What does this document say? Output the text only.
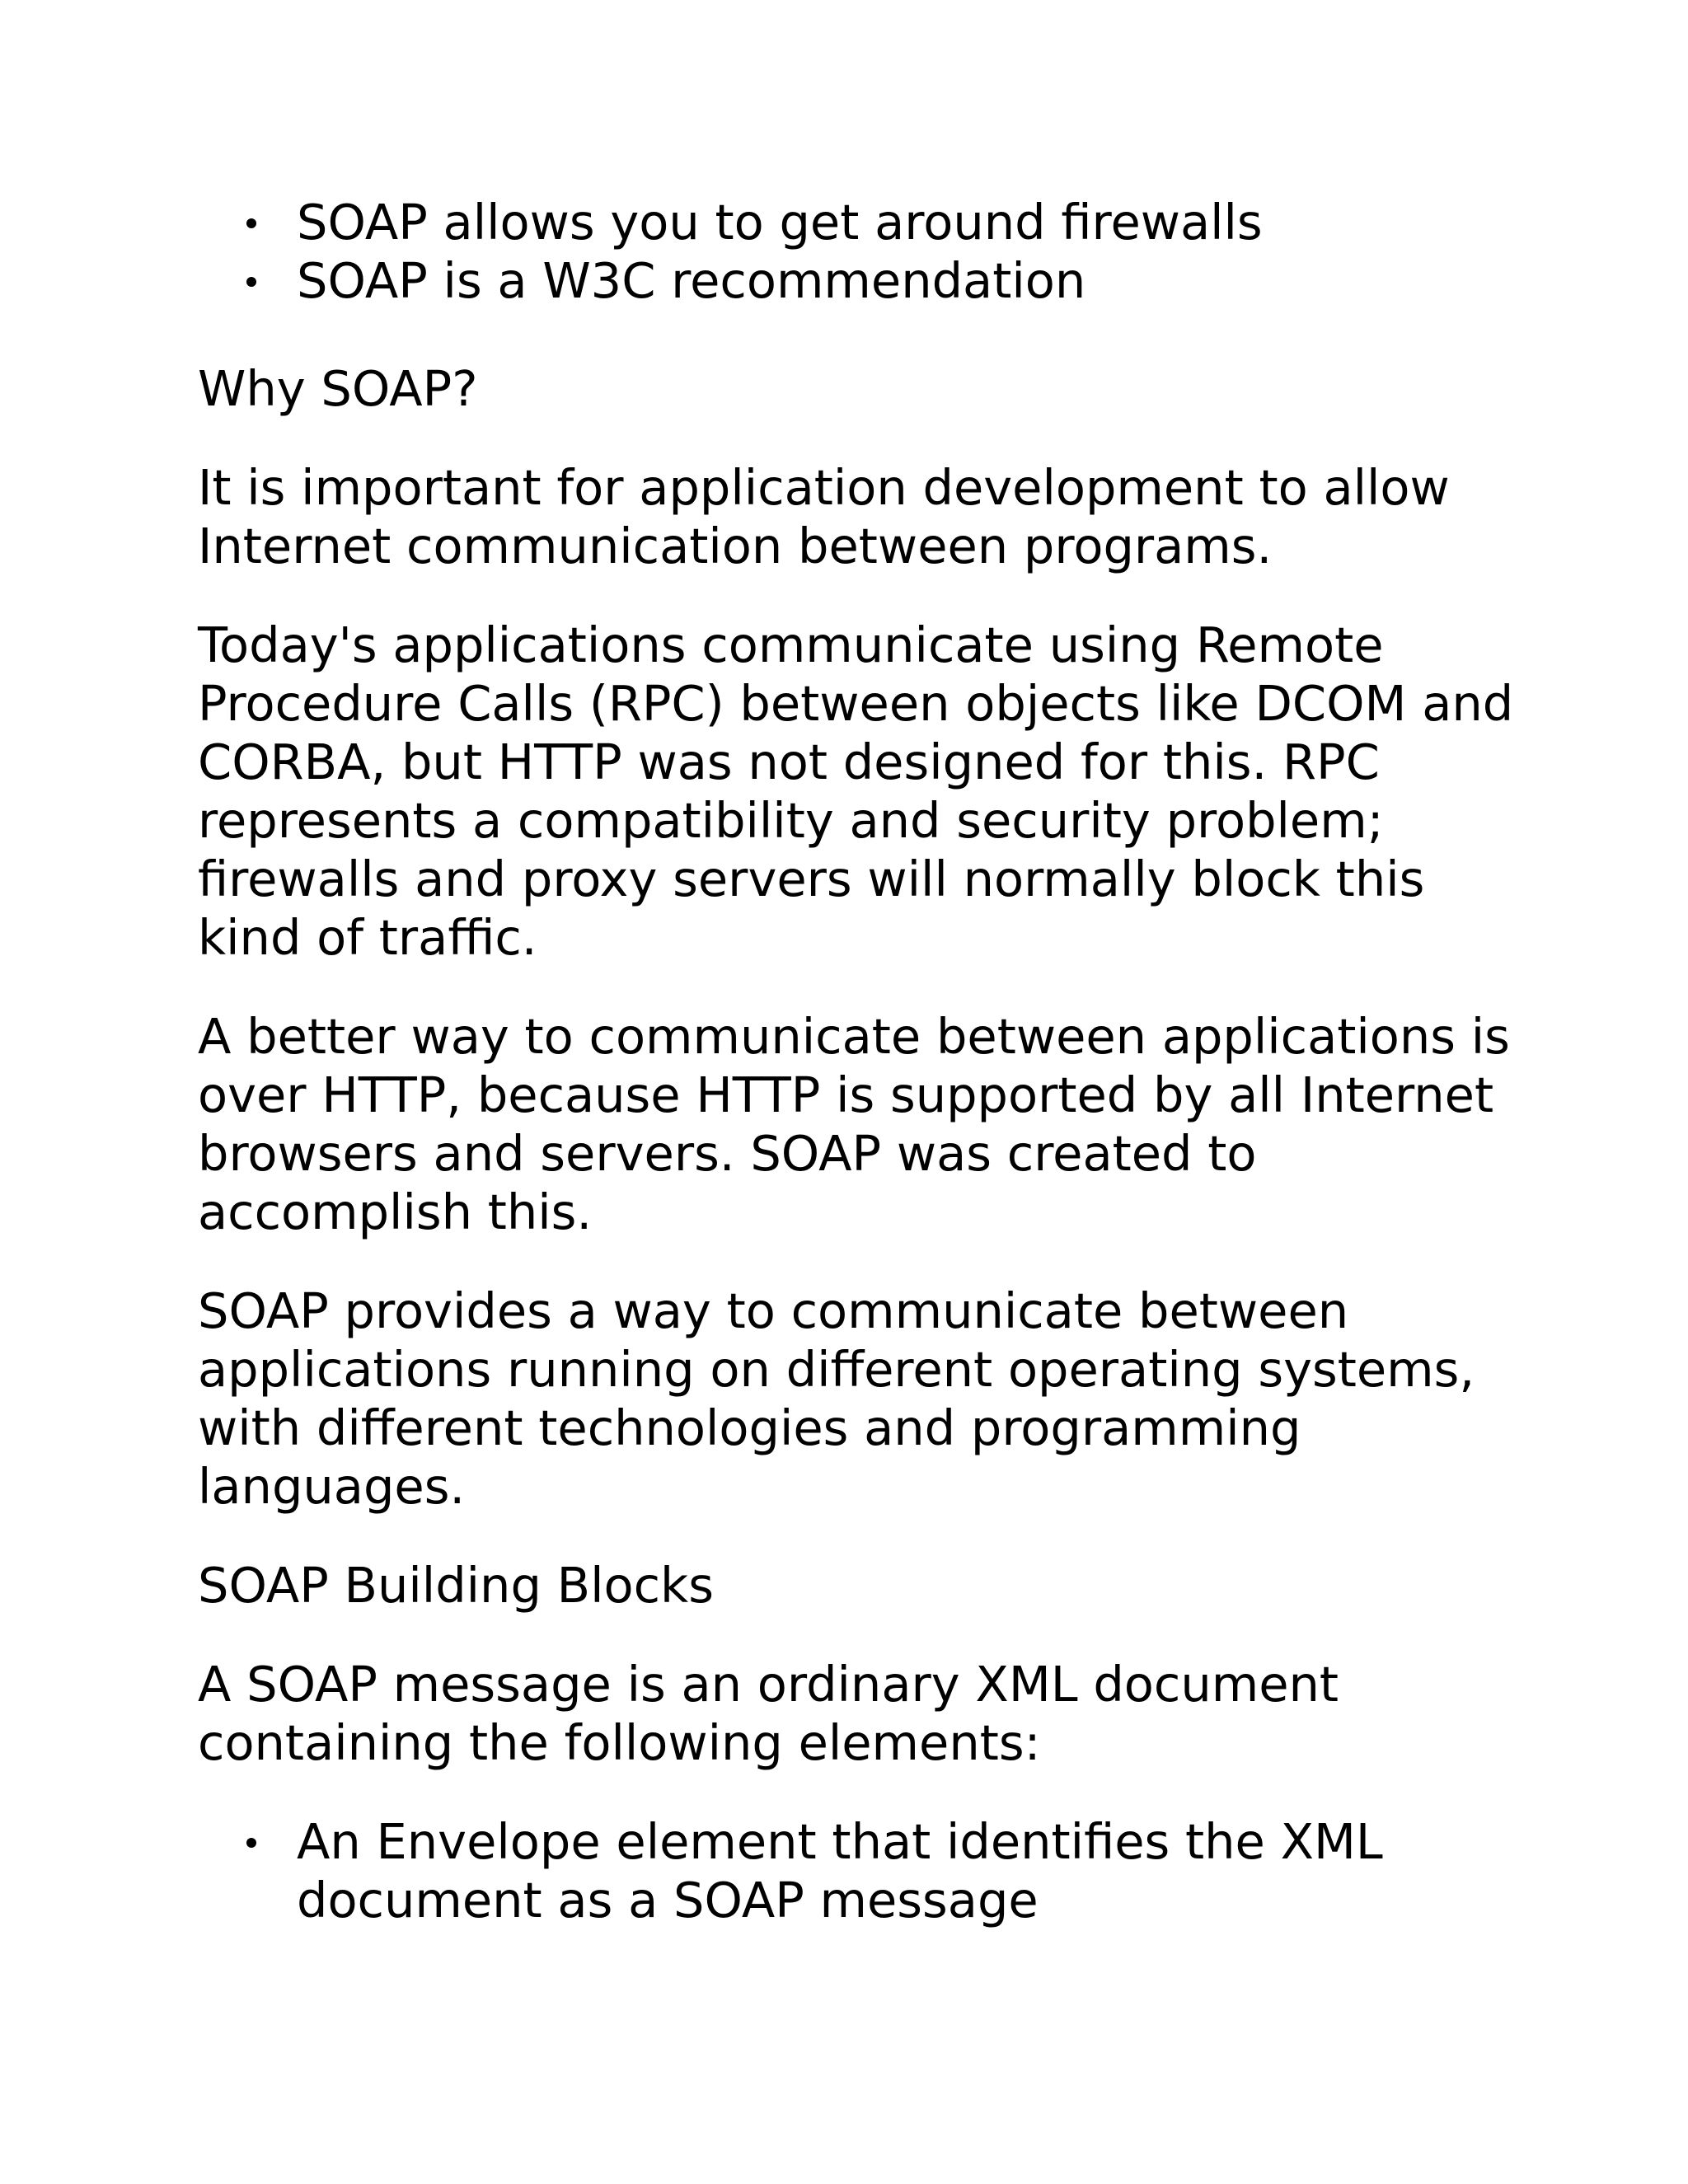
SOAP allows you to get around firewalls
SOAP is a W3C recommendation

Why SOAP?

It is important for application development to allow Internet communication between programs.

Today's applications communicate using Remote Procedure Calls (RPC) between objects like DCOM and CORBA, but HTTP was not designed for this. RPC represents a compatibility and security problem; firewalls and proxy servers will normally block this kind of traffic.

A better way to communicate between applications is over HTTP, because HTTP is supported by all Internet browsers and servers. SOAP was created to accomplish this.

SOAP provides a way to communicate between applications running on different operating systems, with different technologies and programming languages.

SOAP Building Blocks

A SOAP message is an ordinary XML document containing the following elements:

An Envelope element that identifies the XML document as a SOAP message
